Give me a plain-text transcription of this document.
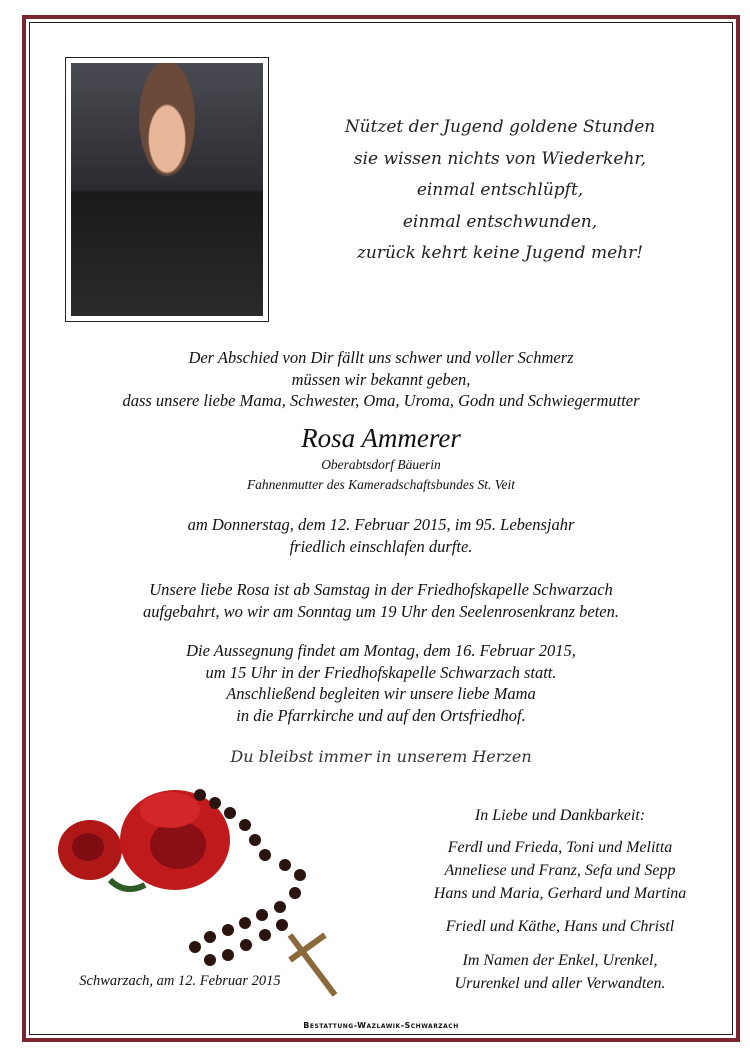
Nützet der Jugend goldene Stunden
sie wissen nichts von Wiederkehr,
einmal entschlüpft,
einmal entschwunden,
zurück kehrt keine Jugend mehr!
Der Abschied von Dir fällt uns schwer und voller Schmerz
müssen wir bekannt geben,
dass unsere liebe Mama, Schwester, Oma, Uroma, Godn und Schwiegermutter
Rosa Ammerer
Oberabtsdorf Bäuerin
Fahnenmutter des Kameradschaftsbundes St. Veit
am Donnerstag, dem 12. Februar 2015, im 95. Lebensjahr
friedlich einschlafen durfte.
Unsere liebe Rosa ist ab Samstag in der Friedhofskapelle Schwarzach
aufgebahrt, wo wir am Sonntag um 19 Uhr den Seelenrosenkranz beten.
Die Aussegnung findet am Montag, dem 16. Februar 2015,
um 15 Uhr in der Friedhofskapelle Schwarzach statt.
Anschließend begleiten wir unsere liebe Mama
in die Pfarrkirche und auf den Ortsfriedhof.
Du bleibst immer in unserem Herzen
In Liebe und Dankbarkeit:
Ferdl und Frieda, Toni und Melitta
Anneliese und Franz, Sefa und Sepp
Hans und Maria, Gerhard und Martina
Friedl und Käthe, Hans und Christl
Im Namen der Enkel, Urenkel,
Ururenkel und aller Verwandten.
Schwarzach, am 12. Februar 2015
Bestattung-Wazlawik-Schwarzach
